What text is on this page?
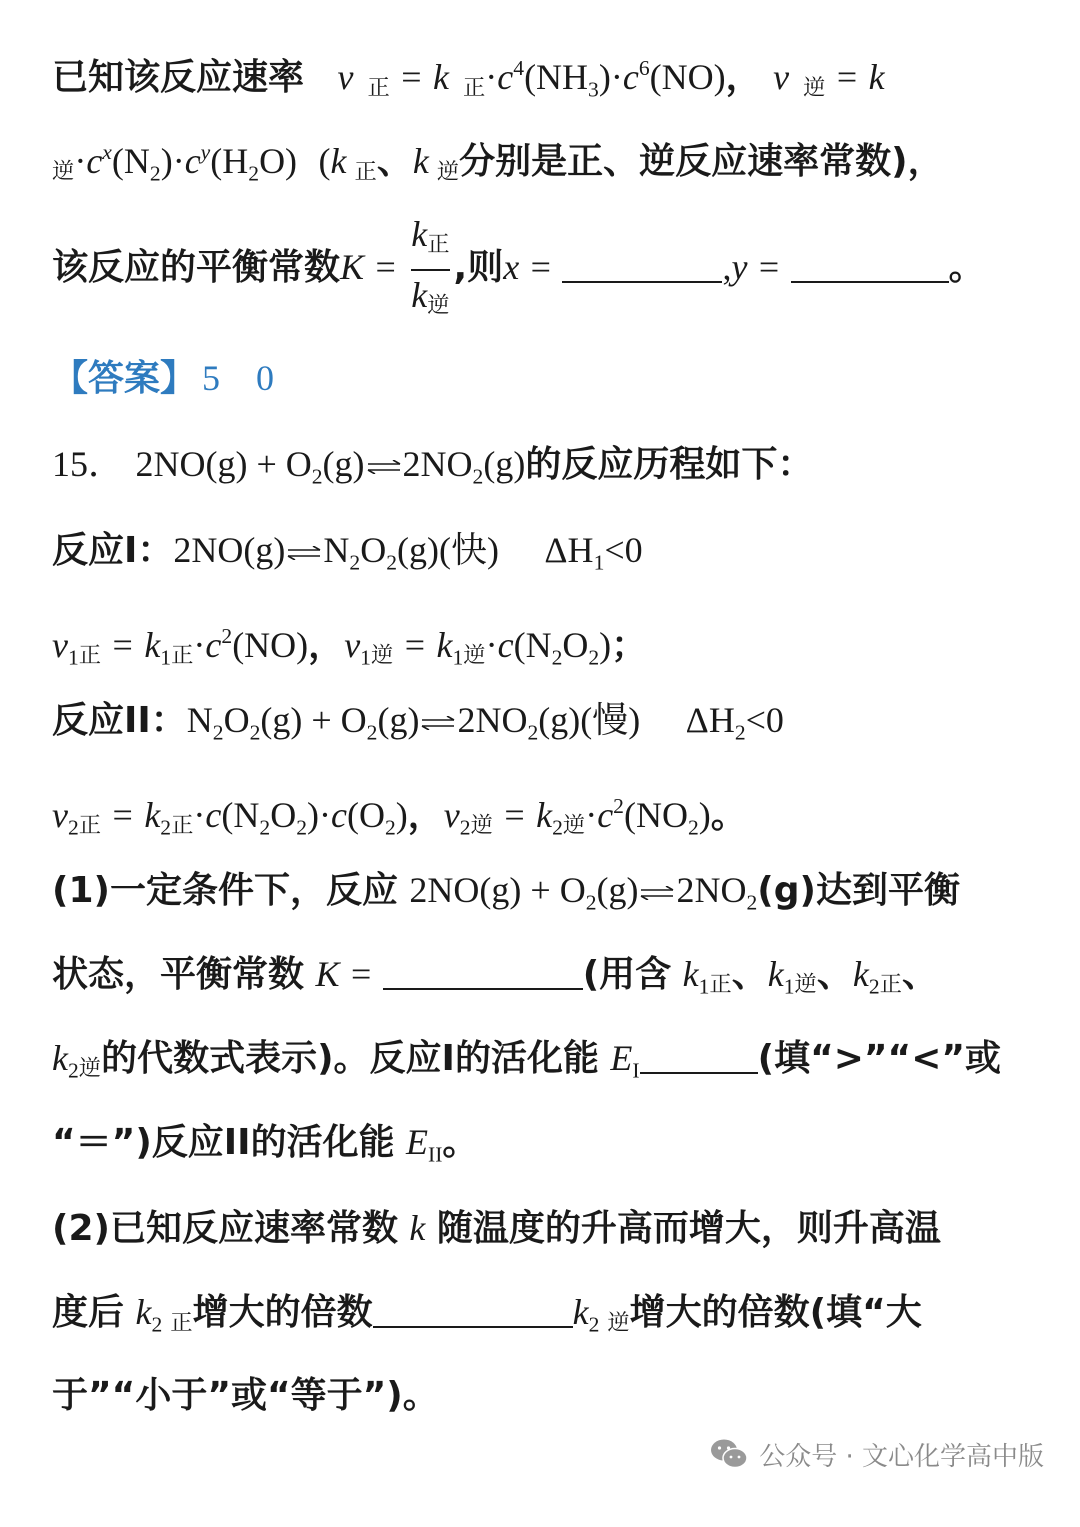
已知该反应速率 v 正 = k 正$\cdot c^4(NH_3)\cdot c^6(NO)$， v 逆 = k
逆$\cdot c^x(N_2)\cdot c^y(H_2O)$ (k 正、k 逆分别是正、逆反应速率常数)，
该反应的平衡常数$K = \frac{\text{k正}}{\text{k逆}}$ ,则x =	,y =	。
【答案】 5　0
15． $2NO(g) + O_2(g)$ ⇌ $2NO_2(g)$的反应历程如下：
反应I：2NO(g) ⇌ $N_2O_2(g)$(快) $\Delta H_1<0$
$v_1$正 = $k_1$正$\cdot c^2(NO)$，$v_1$逆 = $k_1$逆$\cdot c(N_2O_2)$；
反应II：$N_2O_2(g) + O_2(g)$ ⇌ $2NO_2(g)$(慢) $\Delta H_2<0$
$v_2$正 = $k_2$正$\cdot c(N_2O_2)\cdot c(O_2)$，$v_2$逆 = $k_2$逆$\cdot c^2(NO_2)$。
(1)一定条件下，反应 $2NO(g) + O_2(g)$ ⇌ $2NO_2(g)$达到平衡
状态，平衡常数 K =	(用含 $k_1$正、$k_1$逆、$k_2$正、
$k_2$逆的代数式表示)。反应I的活化能 $E_I$	(填“>”“<”或
“＝”)反应II的活化能 $E_{II}$。
(2)已知反应速率常数 k 随温度的升高而增大，则升高温
度后 $k_2$ 正增大的倍数	$k_2$ 逆增大的倍数(填“大
于”“小于”或“等于”)。
公众号 · 文心化学高中版
